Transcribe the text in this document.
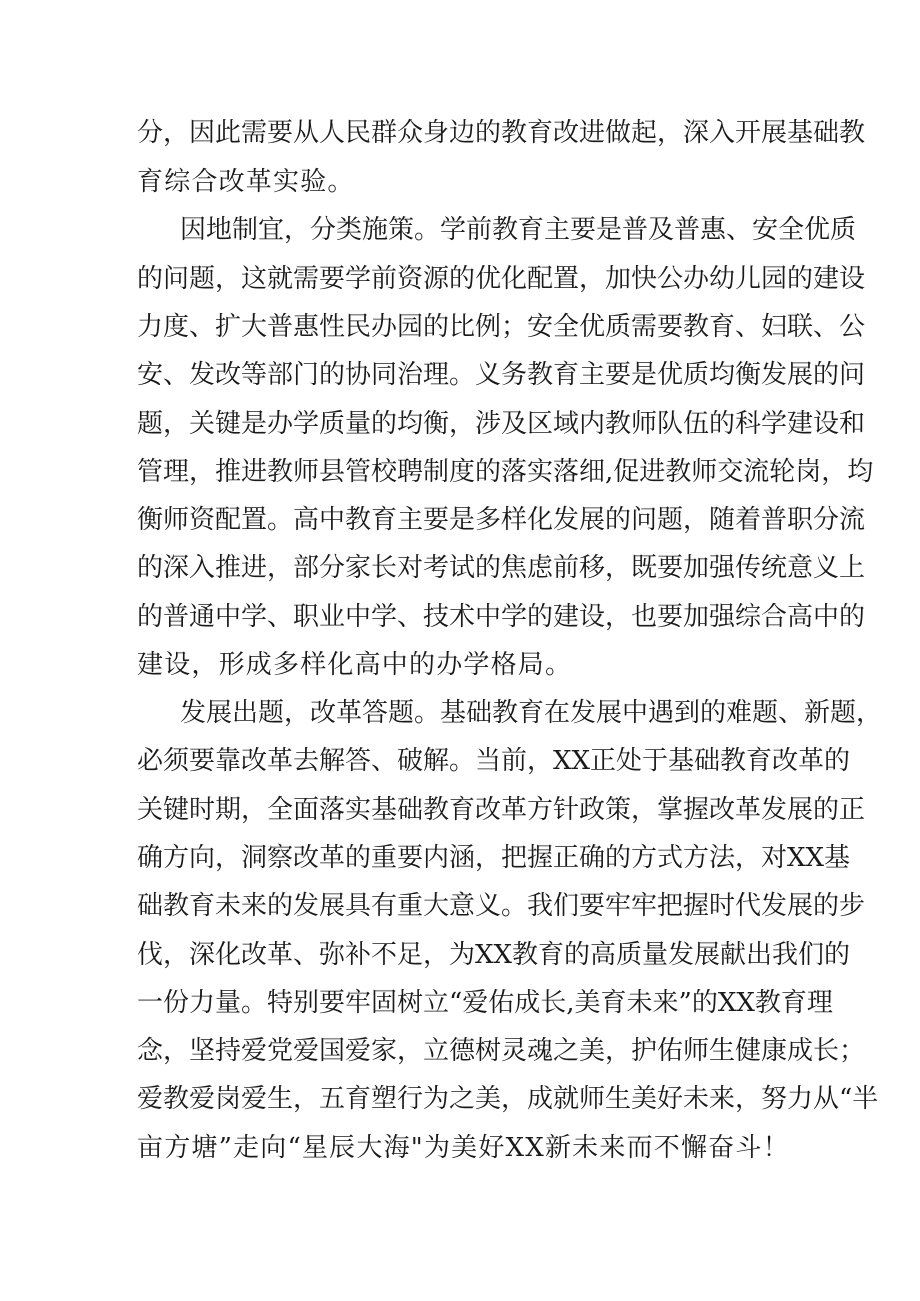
分，因此需要从人民群众身边的教育改进做起，深入开展基础教
育综合改革实验。
因地制宜，分类施策。学前教育主要是普及普惠、安全优质
的问题，这就需要学前资源的优化配置，加快公办幼儿园的建设
力度、扩大普惠性民办园的比例；安全优质需要教育、妇联、公
安、发改等部门的协同治理。义务教育主要是优质均衡发展的问
题，关键是办学质量的均衡，涉及区域内教师队伍的科学建设和
管理，推进教师县管校聘制度的落实落细,促进教师交流轮岗，均
衡师资配置。高中教育主要是多样化发展的问题，随着普职分流
的深入推进，部分家长对考试的焦虑前移，既要加强传统意义上
的普通中学、职业中学、技术中学的建设，也要加强综合高中的
建设，形成多样化高中的办学格局。
发展出题，改革答题。基础教育在发展中遇到的难题、新题，
必须要靠改革去解答、破解。当前，XX正处于基础教育改革的
关键时期，全面落实基础教育改革方针政策，掌握改革发展的正
确方向，洞察改革的重要内涵，把握正确的方式方法，对XX基
础教育未来的发展具有重大意义。我们要牢牢把握时代发展的步
伐，深化改革、弥补不足，为XX教育的高质量发展献出我们的
一份力量。特别要牢固树立“爱佑成长,美育未来”的XX教育理
念，坚持爱党爱国爱家，立德树灵魂之美，护佑师生健康成长；
爱教爱岗爱生，五育塑行为之美，成就师生美好未来，努力从“半
亩方塘”走向“星辰大海"为美好XX新未来而不懈奋斗！
